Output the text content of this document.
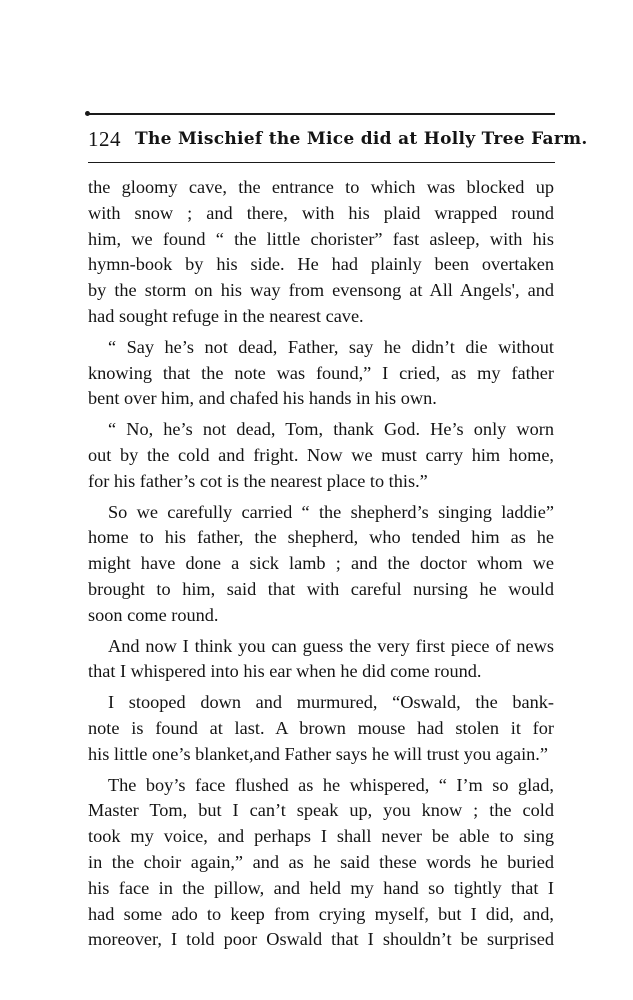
124 The Mischief the Mice did at Holly Tree Farm.
the gloomy cave, the entrance to which was blocked up
with snow ; and there, with his plaid wrapped round
him, we found “ the little chorister” fast asleep, with his
hymn-book by his side. He had plainly been overtaken
by the storm on his way from evensong at All Angels', and
had sought refuge in the nearest cave.
“ Say he’s not dead, Father, say he didn’t die without
knowing that the note was found,” I cried, as my father
bent over him, and chafed his hands in his own.
“ No, he’s not dead, Tom, thank God. He’s only worn
out by the cold and fright. Now we must carry him home,
for his father’s cot is the nearest place to this.”
So we carefully carried “ the shepherd’s singing laddie”
home to his father, the shepherd, who tended him as he
might have done a sick lamb ; and the doctor whom we
brought to him, said that with careful nursing he would
soon come round.
And now I think you can guess the very first piece of news
that I whispered into his ear when he did come round.
I stooped down and murmured, “Oswald, the bank-
note is found at last. A brown mouse had stolen it for
his little one’s blanket,and Father says he will trust you again.”
The boy’s face flushed as he whispered, “ I’m so glad,
Master Tom, but I can’t speak up, you know ; the cold
took my voice, and perhaps I shall never be able to sing
in the choir again,” and as he said these words he buried
his face in the pillow, and held my hand so tightly that I
had some ado to keep from crying myself, but I did, and,
moreover, I told poor Oswald that I shouldn’t be surprised
